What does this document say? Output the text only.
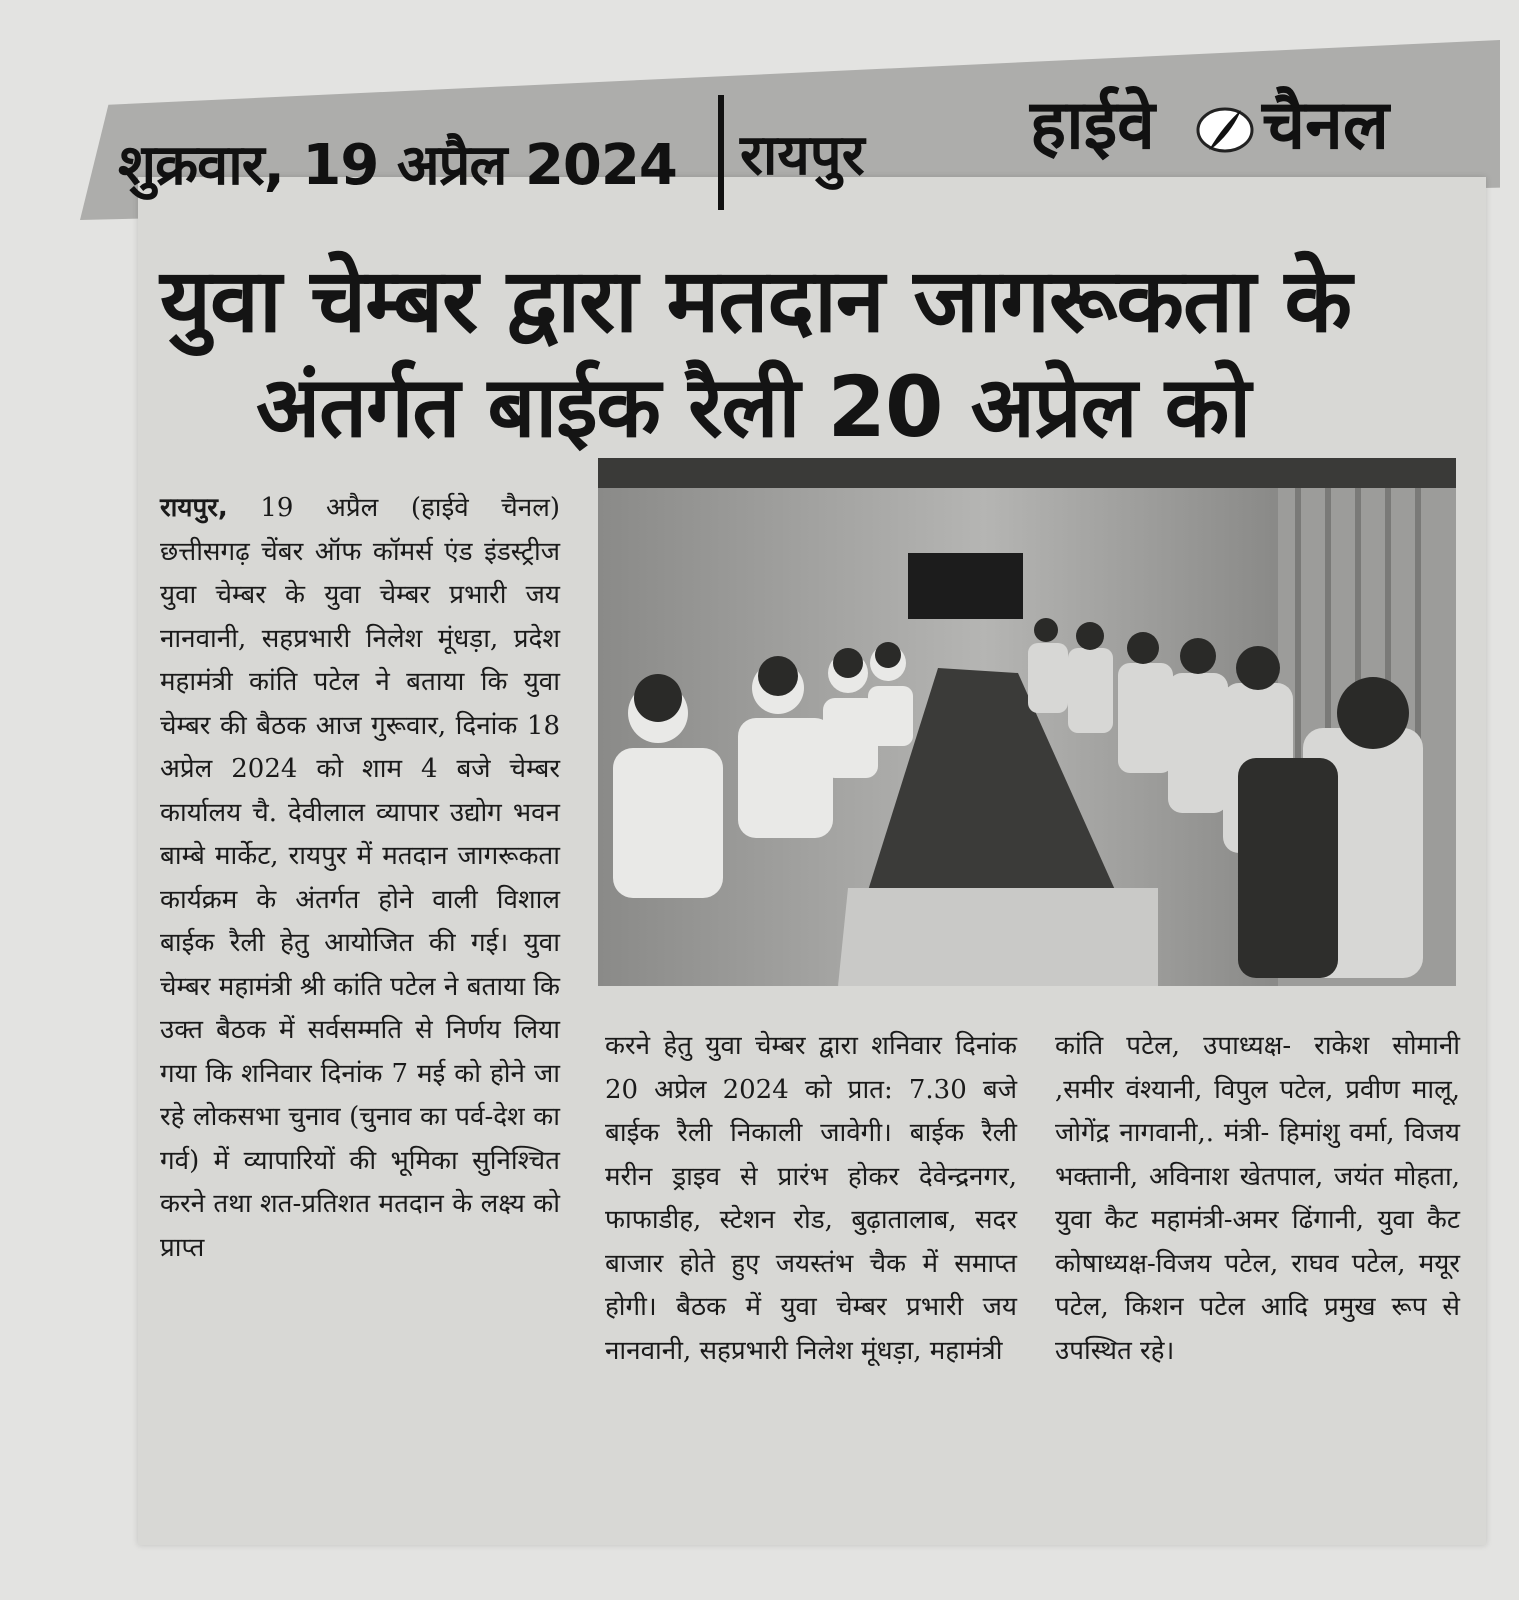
शुक्रवार, 19 अप्रैल 2024 रायपुर हाईवे चैनल
युवा चेम्बर द्वारा मतदान जागरूकता के
अंतर्गत बाईक रैली 20 अप्रेल को

रायपुर, 19 अप्रैल (हाईवे चैनल) छत्तीसगढ़ चेंबर ऑफ कॉमर्स एंड इंडस्ट्रीज युवा चेम्बर के युवा चेम्बर प्रभारी जय नानवानी, सहप्रभारी निलेश मूंधड़ा, प्रदेश महामंत्री कांति पटेल ने बताया कि युवा चेम्बर की बैठक आज गुरूवार, दिनांक 18 अप्रेल 2024 को शाम 4 बजे चेम्बर कार्यालय चै. देवीलाल व्यापार उद्योग भवन बाम्बे मार्केट, रायपुर में मतदान जागरूकता कार्यक्रम के अंतर्गत होने वाली विशाल बाईक रैली हेतु आयोजित की गई। युवा चेम्बर महामंत्री श्री कांति पटेल ने बताया कि उक्त बैठक में सर्वसम्मति से निर्णय लिया गया कि शनिवार दिनांक 7 मई को होने जा रहे लोकसभा चुनाव (चुनाव का पर्व-देश का गर्व) में व्यापारियों की भूमिका सुनिश्चित करने तथा शत-प्रतिशत मतदान के लक्ष्य को प्राप्त

करने हेतु युवा चेम्बर द्वारा शनिवार दिनांक 20 अप्रेल 2024 को प्रात: 7.30 बजे बाईक रैली निकाली जावेगी। बाईक रैली मरीन ड्राइव से प्रारंभ होकर देवेन्द्रनगर, फाफाडीह, स्टेशन रोड, बुढ़ातालाब, सदर बाजार होते हुए जयस्तंभ चैक में समाप्त होगी। बैठक में युवा चेम्बर प्रभारी जय नानवानी, सहप्रभारी निलेश मूंधड़ा, महामंत्री

कांति पटेल, उपाध्यक्ष- राकेश सोमानी ,समीर वंश्यानी, विपुल पटेल, प्रवीण मालू, जोगेंद्र नागवानी,. मंत्री- हिमांशु वर्मा, विजय भक्तानी, अविनाश खेतपाल, जयंत मोहता, युवा कैट महामंत्री-अमर ढिंगानी, युवा कैट कोषाध्यक्ष-विजय पटेल, राघव पटेल, मयूर पटेल, किशन पटेल आदि प्रमुख रूप से उपस्थित रहे।
